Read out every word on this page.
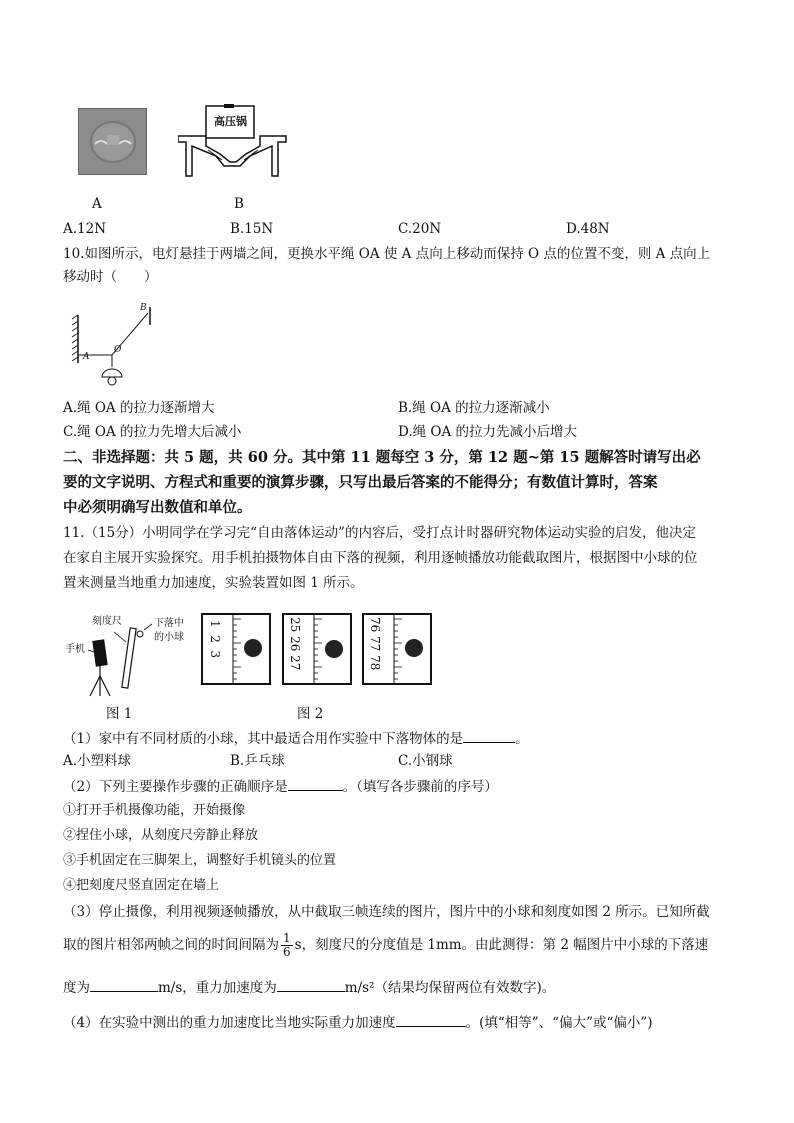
高压锅
A	B
A.12N	B.15N	C.20N	D.48N
10.如图所示，电灯悬挂于两墙之间，更换水平绳 OA 使 A 点向上移动而保持 O 点的位置不变，则 A 点向上
移动时（　　）
B
A
O
A.绳 OA 的拉力逐渐增大	B.绳 OA 的拉力逐渐减小
C.绳 OA 的拉力先增大后减小	D.绳 OA 的拉力先减小后增大
二、非选择题：共 5 题，共 60 分。其中第 11 题每空 3 分，第 12 题~第 15 题解答时请写出必
要的文字说明、方程式和重要的演算步骤，只写出最后答案的不能得分；有数值计算时，答案
中必须明确写出数值和单位。
11.（15分）小明同学在学习完“自由落体运动”的内容后，受打点计时器研究物体运动实验的启发，他决定
在家自主展开实验探究。用手机拍摄物体自由下落的视频，利用逐帧播放功能截取图片，根据图中小球的位
置来测量当地重力加速度，实验装置如图 1 所示。
刻度尺	下落中
的小球
手机
图 1
1  2  3	25 26 27	76 77 78
图 2
（1）家中有不同材质的小球，其中最适合用作实验中下落物体的是	。
A.小塑料球	B.乒乓球	C.小钢球
（2）下列主要操作步骤的正确顺序是	。（填写各步骤前的序号）
①打开手机摄像功能，开始摄像
②捏住小球，从刻度尺旁静止释放
③手机固定在三脚架上，调整好手机镜头的位置
④把刻度尺竖直固定在墙上
（3）停止摄像，利用视频逐帧播放，从中截取三帧连续的图片，图片中的小球和刻度如图 2 所示。已知所截
取的图片相邻两帧之间的时间间隔为 $\frac{1}{6}$ s，刻度尺的分度值是 1mm。由此测得：第 2 幅图片中小球的下落速
度为	m/s，重力加速度为	m/s²（结果均保留两位有效数字)。
（4）在实验中测出的重力加速度比当地实际重力加速度	。(填“相等”、“偏大”或“偏小”)
